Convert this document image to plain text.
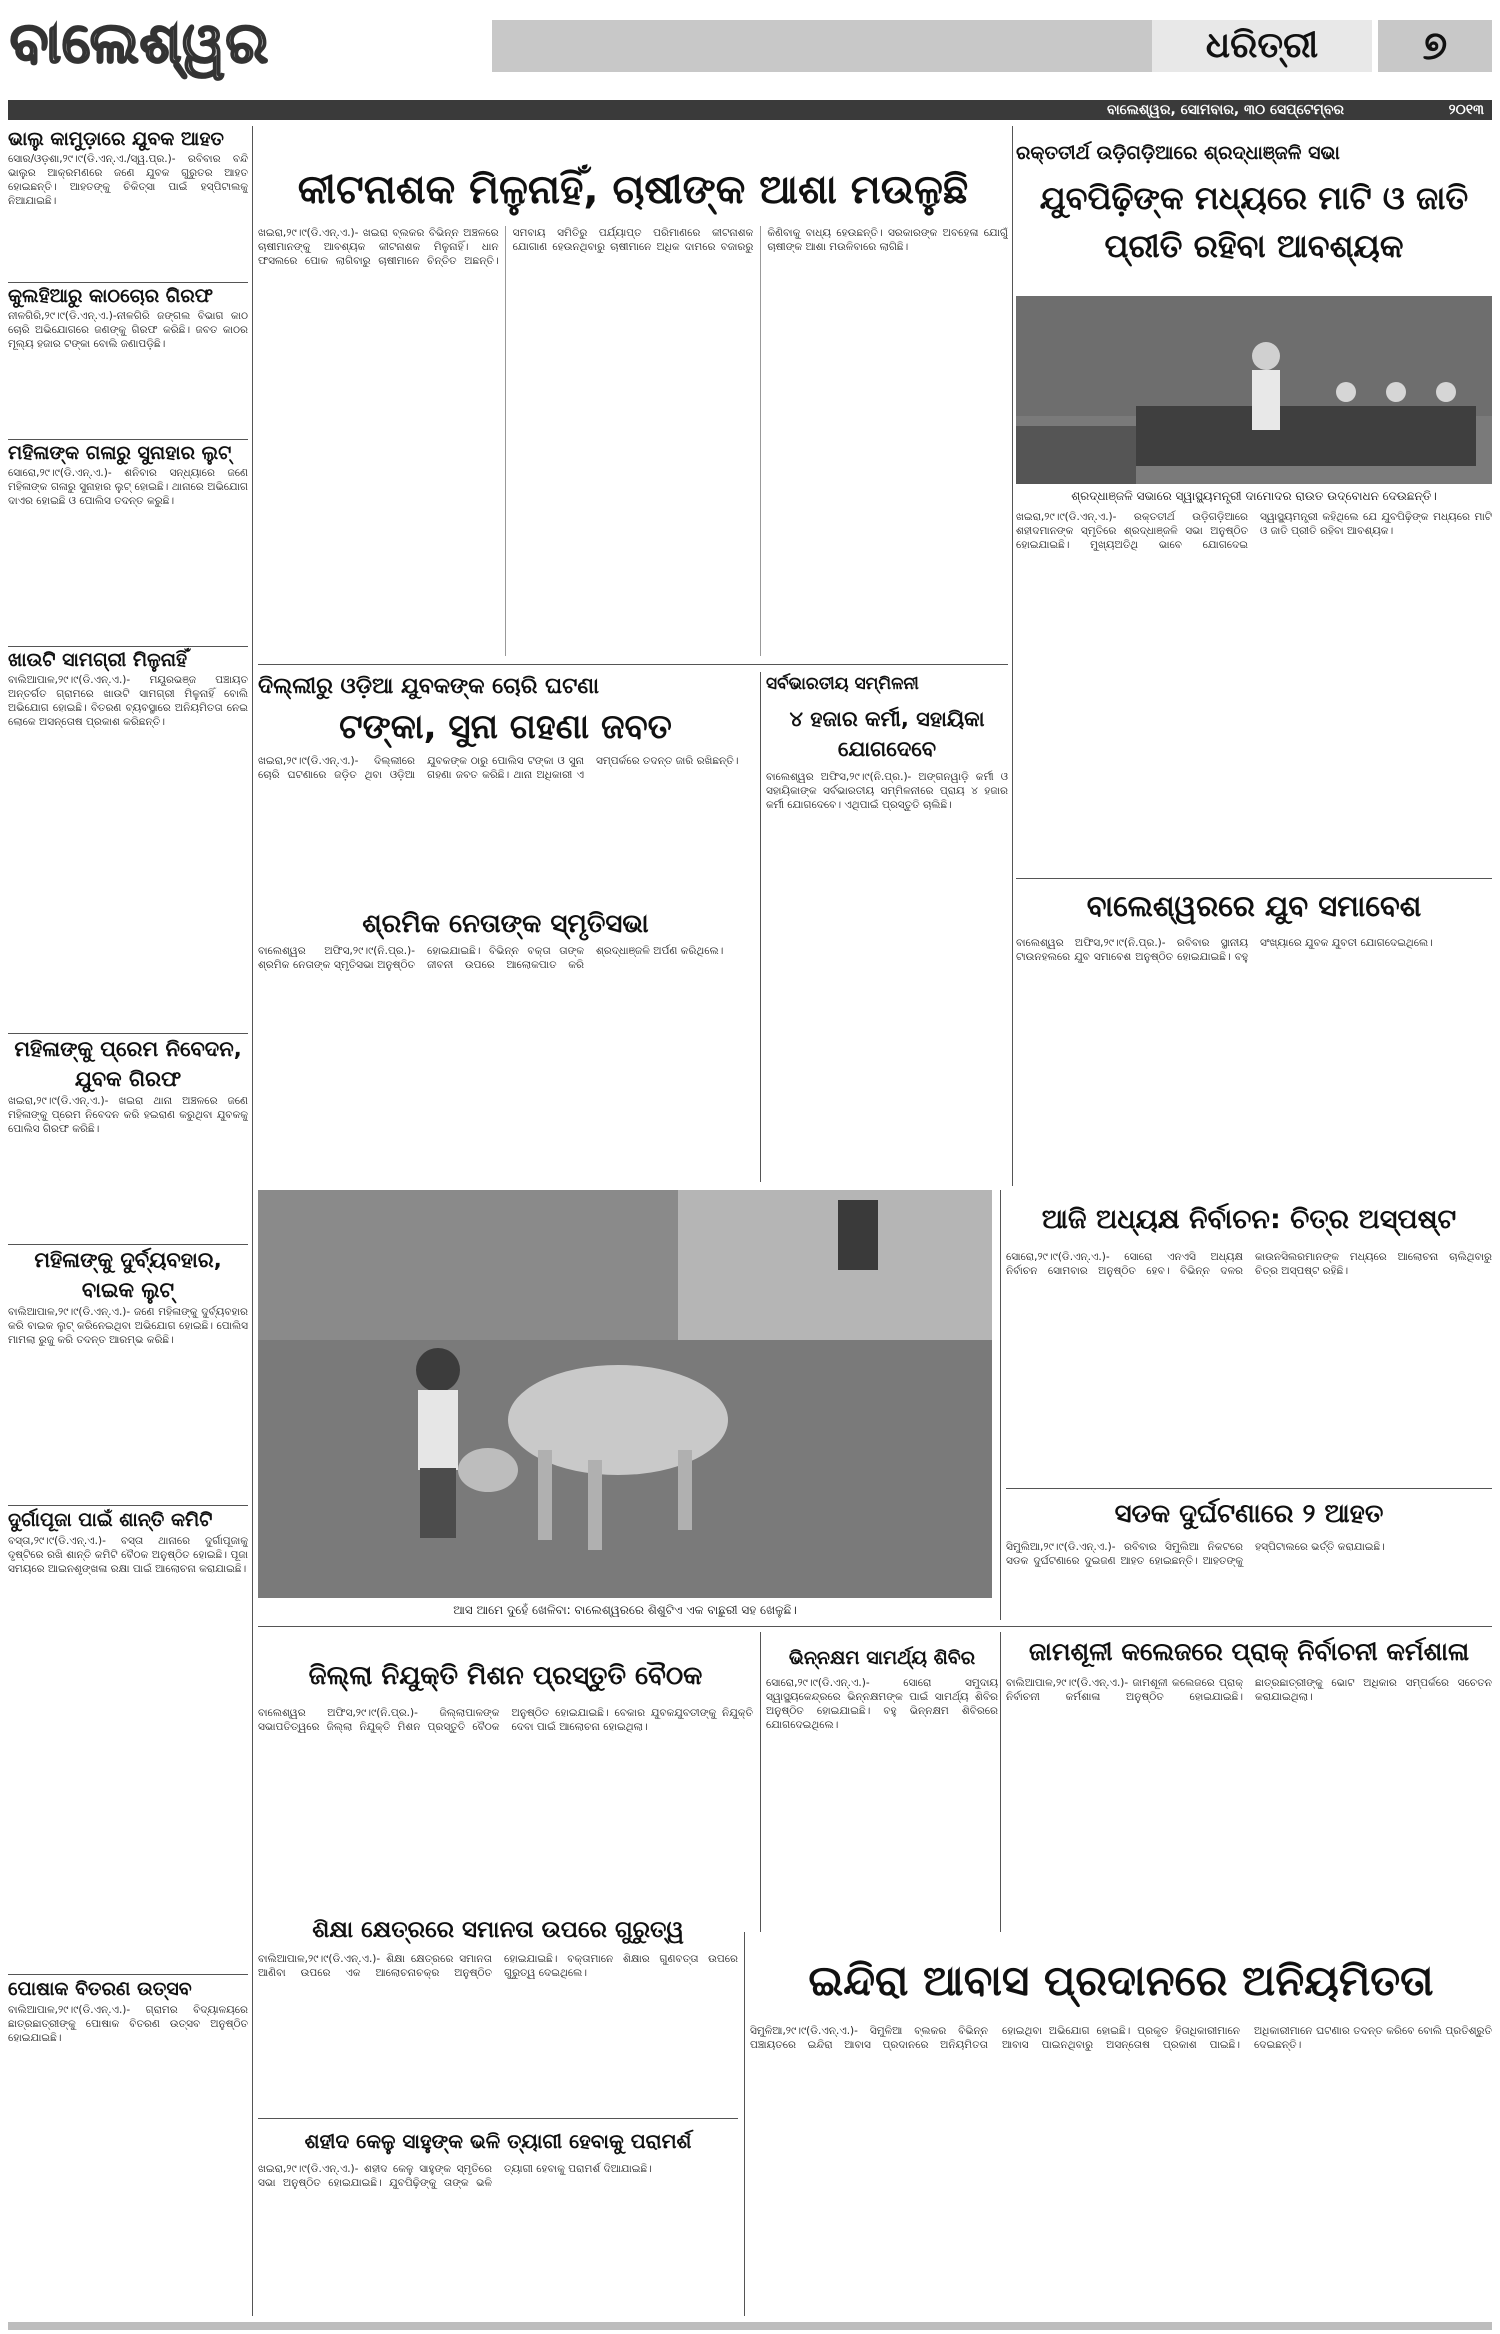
ବାଲେଶ୍ୱର	ଧରିତ୍ରୀ	୭
ବାଲେଶ୍ୱର, ସୋମବାର, ୩୦ ସେପ୍ଟେମ୍ବର	୨୦୧୩
ଭାଲୁ କାମୁଡ଼ାରେ ଯୁବକ ଆହତ
ସୋର/ଓଡ଼ଶା,୨୯।୯(ଡି.ଏନ୍.ଏ./ସ୍ୱ.ପ୍ର.)- ରବିବାର ବନ୍ଦି ଭାଲୁର ଆକ୍ରମଣରେ ଜଣେ ଯୁବକ ଗୁରୁତର ଆହତ ହୋଇଛନ୍ତି। ଆହତଙ୍କୁ ଚିକିତ୍ସା ପାଇଁ ହସ୍ପିଟାଲକୁ ନିଆଯାଇଛି।
କୁଲହିଆରୁ କାଠଚୋର ଗିରଫ
ନୀଳଗିରି,୨୯।୯(ଡି.ଏନ୍.ଏ.)-ନୀଳଗିରି ଜଙ୍ଗଲ ବିଭାଗ କାଠ ଚୋରି ଅଭିଯୋଗରେ ଜଣଙ୍କୁ ଗିରଫ କରିଛି। ଜବତ କାଠର ମୂଲ୍ୟ ହଜାର ଟଙ୍କା ବୋଲି ଜଣାପଡ଼ିଛି।
ମହିଳାଙ୍କ ଗଳାରୁ ସୁନାହାର ଲୁଟ୍
ସୋରୋ,୨୯।୯(ଡି.ଏନ୍.ଏ.)- ଶନିବାର ସନ୍ଧ୍ୟାରେ ଜଣେ ମହିଳାଙ୍କ ଗଳାରୁ ସୁନାହାର ଲୁଟ୍ ହୋଇଛି। ଥାନାରେ ଅଭିଯୋଗ ଦାଏର ହୋଇଛି ଓ ପୋଲିସ ତଦନ୍ତ କରୁଛି।
ଖାଉଟି ସାମଗ୍ରୀ ମିଳୁନାହିଁ
ବାଲିଆପାଳ,୨୯।୯(ଡି.ଏନ୍.ଏ.)- ମୟୂରଭଞ୍ଜ ପଞ୍ଚାୟତ ଅନ୍ତର୍ଗତ ଗ୍ରାମରେ ଖାଉଟି ସାମଗ୍ରୀ ମିଳୁନାହିଁ ବୋଲି ଅଭିଯୋଗ ହୋଇଛି। ବିତରଣ ବ୍ୟବସ୍ଥାରେ ଅନିୟମିତତା ନେଇ ଲୋକେ ଅସନ୍ତୋଷ ପ୍ରକାଶ କରିଛନ୍ତି।
ମହିଳାଙ୍କୁ ପ୍ରେମ ନିବେଦନ, ଯୁବକ ଗିରଫ
ଖଇରା,୨୯।୯(ଡି.ଏନ୍.ଏ.)- ଖଇରା ଥାନା ଅଞ୍ଚଳରେ ଜଣେ ମହିଳାଙ୍କୁ ପ୍ରେମ ନିବେଦନ କରି ହଇରାଣ କରୁଥିବା ଯୁବକକୁ ପୋଲିସ ଗିରଫ କରିଛି।
ମହିଳାଙ୍କୁ ଦୁର୍ବ୍ୟବହାର, ବାଇକ ଲୁଟ୍
ବାଲିଆପାଳ,୨୯।୯(ଡି.ଏନ୍.ଏ.)- ଜଣେ ମହିଳାଙ୍କୁ ଦୁର୍ବ୍ୟବହାର କରି ବାଇକ ଲୁଟ୍ କରିନେଇଥିବା ଅଭିଯୋଗ ହୋଇଛି। ପୋଲିସ ମାମଲା ରୁଜୁ କରି ତଦନ୍ତ ଆରମ୍ଭ କରିଛି।
ଦୁର୍ଗାପୂଜା ପାଇଁ ଶାନ୍ତି କମିଟି
ବସ୍ତା,୨୯।୯(ଡି.ଏନ୍.ଏ.)- ବସ୍ତା ଥାନାରେ ଦୁର୍ଗାପୂଜାକୁ ଦୃଷ୍ଟିରେ ରଖି ଶାନ୍ତି କମିଟି ବୈଠକ ଅନୁଷ୍ଠିତ ହୋଇଛି। ପୂଜା ସମୟରେ ଆଇନଶୃଙ୍ଖଳା ରକ୍ଷା ପାଇଁ ଆଲୋଚନା କରାଯାଇଛି।
ପୋଷାକ ବିତରଣ ଉତ୍ସବ
ବାଲିଆପାଳ,୨୯।୯(ଡି.ଏନ୍.ଏ.)- ଗ୍ରାମର ବିଦ୍ୟାଳୟରେ ଛାତ୍ରଛାତ୍ରୀଙ୍କୁ ପୋଷାକ ବିତରଣ ଉତ୍ସବ ଅନୁଷ୍ଠିତ ହୋଇଯାଇଛି।
କୀଟନାଶକ ମିଳୁନାହିଁ, ଚାଷୀଙ୍କ ଆଶା ମଉଳୁଛି
ଖଇରା,୨୯।୯(ଡି.ଏନ୍.ଏ.)- ଖଇରା ବ୍ଲକର ବିଭିନ୍ନ ଅଞ୍ଚଳରେ ଚାଷୀମାନଙ୍କୁ ଆବଶ୍ୟକ କୀଟନାଶକ ମିଳୁନାହିଁ। ଧାନ ଫସଲରେ ପୋକ ଲାଗିବାରୁ ଚାଷୀମାନେ ଚିନ୍ତିତ ଅଛନ୍ତି। ସମବାୟ ସମିତିରୁ ପର୍ଯ୍ୟାପ୍ତ ପରିମାଣରେ କୀଟନାଶକ ଯୋଗାଣ ହେଉନଥିବାରୁ ଚାଷୀମାନେ ଅଧିକ ଦାମରେ ବଜାରରୁ କିଣିବାକୁ ବାଧ୍ୟ ହେଉଛନ୍ତି। ସରକାରଙ୍କ ଅବହେଳା ଯୋଗୁଁ ଚାଷୀଙ୍କ ଆଶା ମଉଳିବାରେ ଲାଗିଛି।
ଦିଲ୍ଲୀରୁ ଓଡ଼ିଆ ଯୁବକଙ୍କ ଚୋରି ଘଟଣା
ଟଙ୍କା, ସୁନା ଗହଣା ଜବତ
ଖଇରା,୨୯।୯(ଡି.ଏନ୍.ଏ.)- ଦିଲ୍ଲୀରେ ଚୋରି ଘଟଣାରେ ଜଡ଼ିତ ଥିବା ଓଡ଼ିଆ ଯୁବକଙ୍କ ଠାରୁ ପୋଲିସ ଟଙ୍କା ଓ ସୁନା ଗହଣା ଜବତ କରିଛି। ଥାନା ଅଧିକାରୀ ଏ ସମ୍ପର୍କରେ ତଦନ୍ତ ଜାରି ରଖିଛନ୍ତି।
ଶ୍ରମିକ ନେତାଙ୍କ ସ୍ମୃତିସଭା
ବାଲେଶ୍ୱର ଅଫିସ,୨୯।୯(ନି.ପ୍ର.)- ଶ୍ରମିକ ନେତାଙ୍କ ସ୍ମୃତିସଭା ଅନୁଷ୍ଠିତ ହୋଇଯାଇଛି। ବିଭିନ୍ନ ବକ୍ତା ତାଙ୍କ ଜୀବନୀ ଉପରେ ଆଲୋକପାତ କରି ଶ୍ରଦ୍ଧାଞ୍ଜଳି ଅର୍ପଣ କରିଥିଲେ।
ସର୍ବଭାରତୀୟ ସମ୍ମିଳନୀ
୪ ହଜାର କର୍ମୀ, ସହାୟିକା ଯୋଗଦେବେ
ବାଲେଶ୍ୱର ଅଫିସ,୨୯।୯(ନି.ପ୍ର.)- ଅଙ୍ଗନୱାଡ଼ି କର୍ମୀ ଓ ସହାୟିକାଙ୍କ ସର୍ବଭାରତୀୟ ସମ୍ମିଳନୀରେ ପ୍ରାୟ ୪ ହଜାର କର୍ମୀ ଯୋଗଦେବେ। ଏଥିପାଇଁ ପ୍ରସ୍ତୁତି ଚାଲିଛି।
ରକ୍ତତୀର୍ଥ ଉଡ଼ିଗଡ଼ିଆରେ ଶ୍ରଦ୍ଧାଞ୍ଜଳି ସଭା
ଯୁବପିଢ଼ିଙ୍କ ମଧ୍ୟରେ ମାଟି ଓ ଜାତି ପ୍ରୀତି ରହିବା ଆବଶ୍ୟକ
ଶ୍ରଦ୍ଧାଞ୍ଜଳି ସଭାରେ ସ୍ୱାସ୍ଥ୍ୟମନ୍ତ୍ରୀ ଦାମୋଦର ରାଉତ ଉଦ୍‌ବୋଧନ ଦେଉଛନ୍ତି।
ଖଇରା,୨୯।୯(ଡି.ଏନ୍.ଏ.)- ରକ୍ତତୀର୍ଥ ଉଡ଼ିଗଡ଼ିଆରେ ଶହୀଦମାନଙ୍କ ସ୍ମୃତିରେ ଶ୍ରଦ୍ଧାଞ୍ଜଳି ସଭା ଅନୁଷ୍ଠିତ ହୋଇଯାଇଛି। ମୁଖ୍ୟଅତିଥି ଭାବେ ଯୋଗଦେଇ ସ୍ୱାସ୍ଥ୍ୟମନ୍ତ୍ରୀ କହିଥିଲେ ଯେ ଯୁବପିଢ଼ିଙ୍କ ମଧ୍ୟରେ ମାଟି ଓ ଜାତି ପ୍ରୀତି ରହିବା ଆବଶ୍ୟକ।
ବାଲେଶ୍ୱରରେ ଯୁବ ସମାବେଶ
ବାଲେଶ୍ୱର ଅଫିସ,୨୯।୯(ନି.ପ୍ର.)- ରବିବାର ସ୍ଥାନୀୟ ଟାଉନହଲରେ ଯୁବ ସମାବେଶ ଅନୁଷ୍ଠିତ ହୋଇଯାଇଛି। ବହୁ ସଂଖ୍ୟାରେ ଯୁବକ ଯୁବତୀ ଯୋଗଦେଇଥିଲେ।
ଆସ ଆମେ ଦୁହେଁ ଖେଳିବା: ବାଲେଶ୍ୱରରେ ଶିଶୁଟିଏ ଏକ ବାଛୁରୀ ସହ ଖେଳୁଛି।
ଆଜି ଅଧ୍ୟକ୍ଷ ନିର୍ବାଚନ: ଚିତ୍ର ଅସ୍ପଷ୍ଟ
ସୋରୋ,୨୯।୯(ଡି.ଏନ୍.ଏ.)- ସୋରୋ ଏନଏସି ଅଧ୍ୟକ୍ଷ ନିର୍ବାଚନ ସୋମବାର ଅନୁଷ୍ଠିତ ହେବ। ବିଭିନ୍ନ ଦଳର କାଉନସିଲରମାନଙ୍କ ମଧ୍ୟରେ ଆଲୋଚନା ଚାଲିଥିବାରୁ ଚିତ୍ର ଅସ୍ପଷ୍ଟ ରହିଛି।
ସଡକ ଦୁର୍ଘଟଣାରେ ୨ ଆହତ
ସିମୁଲିଆ,୨୯।୯(ଡି.ଏନ୍.ଏ.)- ରବିବାର ସିମୁଲିଆ ନିକଟରେ ସଡକ ଦୁର୍ଘଟଣାରେ ଦୁଇଜଣ ଆହତ ହୋଇଛନ୍ତି। ଆହତଙ୍କୁ ହସ୍ପିଟାଲରେ ଭର୍ତ୍ତି କରାଯାଇଛି।
ଜାମଶୂଳୀ କଲେଜରେ ପ୍ରାକ୍ ନିର୍ବାଚନୀ କର୍ମଶାଳା
ବାଲିଆପାଳ,୨୯।୯(ଡି.ଏନ୍.ଏ.)- ଜାମଶୂଳୀ କଲେଜରେ ପ୍ରାକ୍ ନିର୍ବାଚନୀ କର୍ମଶାଳା ଅନୁଷ୍ଠିତ ହୋଇଯାଇଛି। ଛାତ୍ରଛାତ୍ରୀଙ୍କୁ ଭୋଟ ଅଧିକାର ସମ୍ପର୍କରେ ସଚେତନ କରାଯାଇଥିଲା।
ଜିଲ୍ଲା ନିଯୁକ୍ତି ମିଶନ ପ୍ରସ୍ତୁତି ବୈଠକ
ବାଲେଶ୍ୱର ଅଫିସ,୨୯।୯(ନି.ପ୍ର.)- ଜିଲ୍ଲାପାଳଙ୍କ ସଭାପତିତ୍ୱରେ ଜିଲ୍ଲା ନିଯୁକ୍ତି ମିଶନ ପ୍ରସ୍ତୁତି ବୈଠକ ଅନୁଷ୍ଠିତ ହୋଇଯାଇଛି। ବେକାର ଯୁବକଯୁବତୀଙ୍କୁ ନିଯୁକ୍ତି ଦେବା ପାଇଁ ଆଲୋଚନା ହୋଇଥିଲା।
ଭିନ୍ନକ୍ଷମ ସାମର୍ଥ୍ୟ ଶିବିର
ସୋରୋ,୨୯।୯(ଡି.ଏନ୍.ଏ.)- ସୋରୋ ସମୁଦାୟ ସ୍ୱାସ୍ଥ୍ୟକେନ୍ଦ୍ରରେ ଭିନ୍ନକ୍ଷମଙ୍କ ପାଇଁ ସାମର୍ଥ୍ୟ ଶିବିର ଅନୁଷ୍ଠିତ ହୋଇଯାଇଛି। ବହୁ ଭିନ୍ନକ୍ଷମ ଶିବିରରେ ଯୋଗଦେଇଥିଲେ।
ଶିକ୍ଷା କ୍ଷେତ୍ରରେ ସମାନତା ଉପରେ ଗୁରୁତ୍ୱ
ବାଲିଆପାଳ,୨୯।୯(ଡି.ଏନ୍.ଏ.)- ଶିକ୍ଷା କ୍ଷେତ୍ରରେ ସମାନତା ଆଣିବା ଉପରେ ଏକ ଆଲୋଚନାଚକ୍ର ଅନୁଷ୍ଠିତ ହୋଇଯାଇଛି। ବକ୍ତାମାନେ ଶିକ୍ଷାର ଗୁଣବତ୍ତା ଉପରେ ଗୁରୁତ୍ୱ ଦେଇଥିଲେ।
ଶହୀଦ କେଳୁ ସାହୁଙ୍କ ଭଳି ତ୍ୟାଗୀ ହେବାକୁ ପରାମର୍ଶ
ଖଇରା,୨୯।୯(ଡି.ଏନ୍.ଏ.)- ଶହୀଦ କେଳୁ ସାହୁଙ୍କ ସ୍ମୃତିରେ ସଭା ଅନୁଷ୍ଠିତ ହୋଇଯାଇଛି। ଯୁବପିଢ଼ିଙ୍କୁ ତାଙ୍କ ଭଳି ତ୍ୟାଗୀ ହେବାକୁ ପରାମର୍ଶ ଦିଆଯାଇଛି।
ଇନ୍ଦିରା ଆବାସ ପ୍ରଦାନରେ ଅନିୟମିତତା
ସିମୁଳିଆ,୨୯।୯(ଡି.ଏନ୍.ଏ.)- ସିମୁଳିଆ ବ୍ଲକର ବିଭିନ୍ନ ପଞ୍ଚାୟତରେ ଇନ୍ଦିରା ଆବାସ ପ୍ରଦାନରେ ଅନିୟମିତତା ହୋଇଥିବା ଅଭିଯୋଗ ହୋଇଛି। ପ୍ରକୃତ ହିତାଧିକାରୀମାନେ ଆବାସ ପାଇନଥିବାରୁ ଅସନ୍ତୋଷ ପ୍ରକାଶ ପାଇଛି। ଅଧିକାରୀମାନେ ଘଟଣାର ତଦନ୍ତ କରିବେ ବୋଲି ପ୍ରତିଶ୍ରୁତି ଦେଇଛନ୍ତି।
